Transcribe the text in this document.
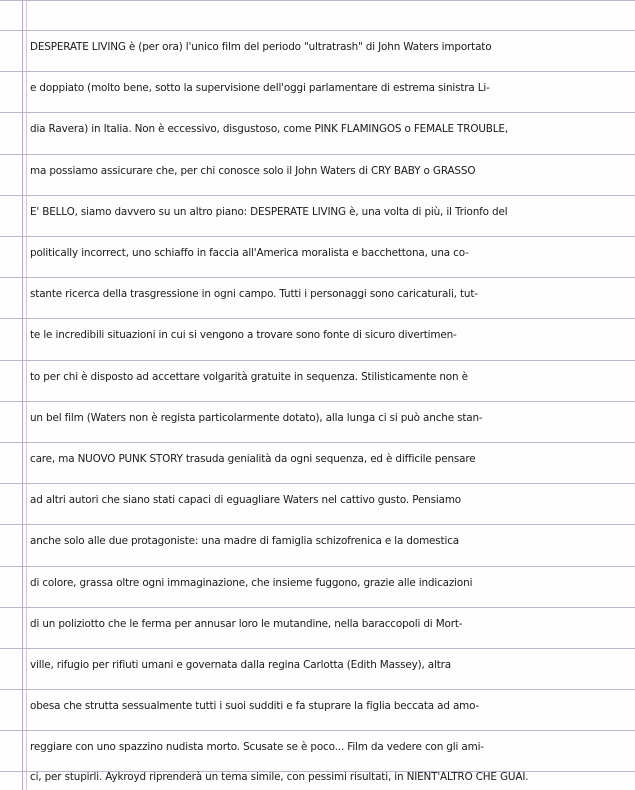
DESPERATE LIVING è (per ora) l'unico film del periodo "ultratrash" di John Waters importato
e doppiato (molto bene, sotto la supervisione dell'oggi parlamentare di estrema sinistra Li-
dia Ravera) in Italia. Non è eccessivo, disgustoso, come PINK FLAMINGOS o FEMALE TROUBLE,
ma possiamo assicurare che, per chi conosce solo il John Waters di CRY BABY o GRASSO
E' BELLO, siamo davvero su un altro piano: DESPERATE LIVING è, una volta di più, il Trionfo del
politically incorrect, uno schiaffo in faccia all'America moralista e bacchettona, una co-
stante ricerca della trasgressione in ogni campo. Tutti i personaggi sono caricaturali, tut-
te le incredibili situazioni in cui si vengono a trovare sono fonte di sicuro divertimen-
to per chi è disposto ad accettare volgarità gratuite in sequenza. Stilisticamente non è
un bel film (Waters non è regista particolarmente dotato), alla lunga ci si può anche stan-
care, ma NUOVO PUNK STORY trasuda genialità da ogni sequenza, ed è difficile pensare
ad altri autori che siano stati capaci di eguagliare Waters nel cattivo gusto. Pensiamo
anche solo alle due protagoniste: una madre di famiglia schizofrenica e la domestica
di colore, grassa oltre ogni immaginazione, che insieme fuggono, grazie alle indicazioni
di un poliziotto che le ferma per annusar loro le mutandine, nella baraccopoli di Mort-
ville, rifugio per rifiuti umani e governata dalla regina Carlotta (Edith Massey), altra
obesa che strutta sessualmente tutti i suoi sudditi e fa stuprare la figlia beccata ad amo-
reggiare con uno spazzino nudista morto. Scusate se è poco... Film da vedere con gli ami-
ci, per stupirli. Aykroyd riprenderà un tema simile, con pessimi risultati, in NIENT'ALTRO CHE GUAI.
